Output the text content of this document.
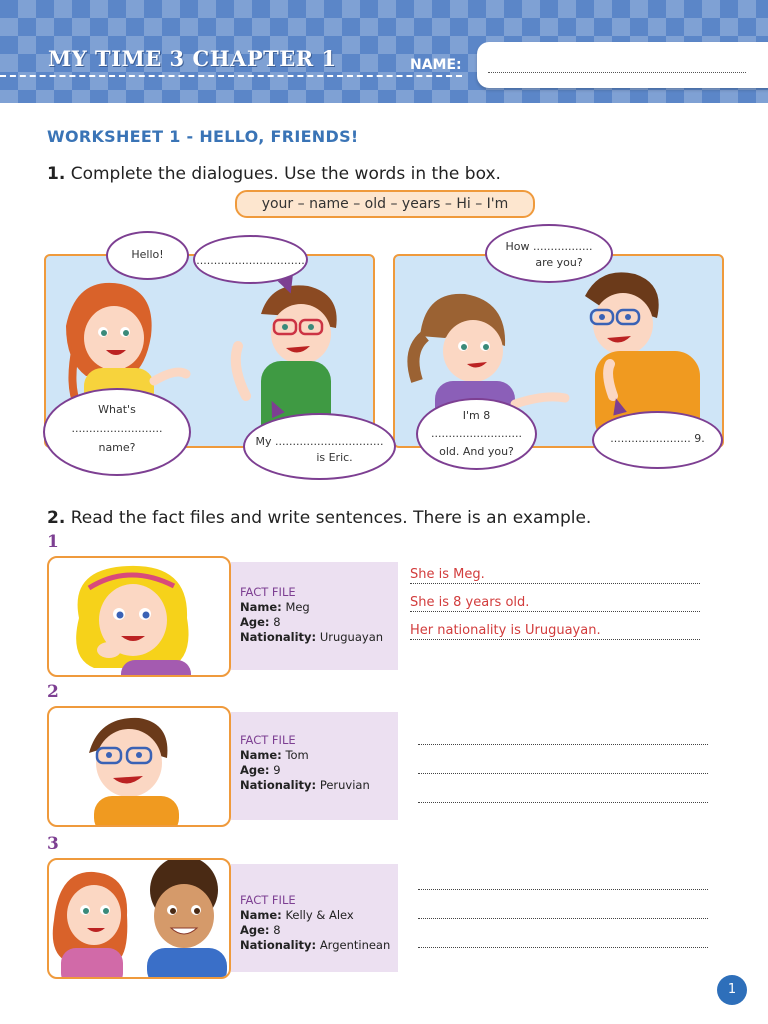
MY TIME 3 CHAPTER 1	NAME:
WORKSHEET 1 - HELLO, FRIENDS!
1. Complete the dialogues. Use the words in the box.
your – name – old – years – Hi – I'm
Hello!	...............................
What's
..........................
name?	My ...............................
is Eric.
How .................
are you?
I'm 8
..........................
old. And you?
....................... 9.
2. Read the fact files and write sentences. There is an example.
1
FACT FILE
Name: Meg
Age: 8
Nationality: Uruguayan
She is Meg.
She is 8 years old.
Her nationality is Uruguayan.
2
FACT FILE
Name: Tom
Age: 9
Nationality: Peruvian
3
FACT FILE
Name: Kelly & Alex
Age: 8
Nationality: Argentinean
1
